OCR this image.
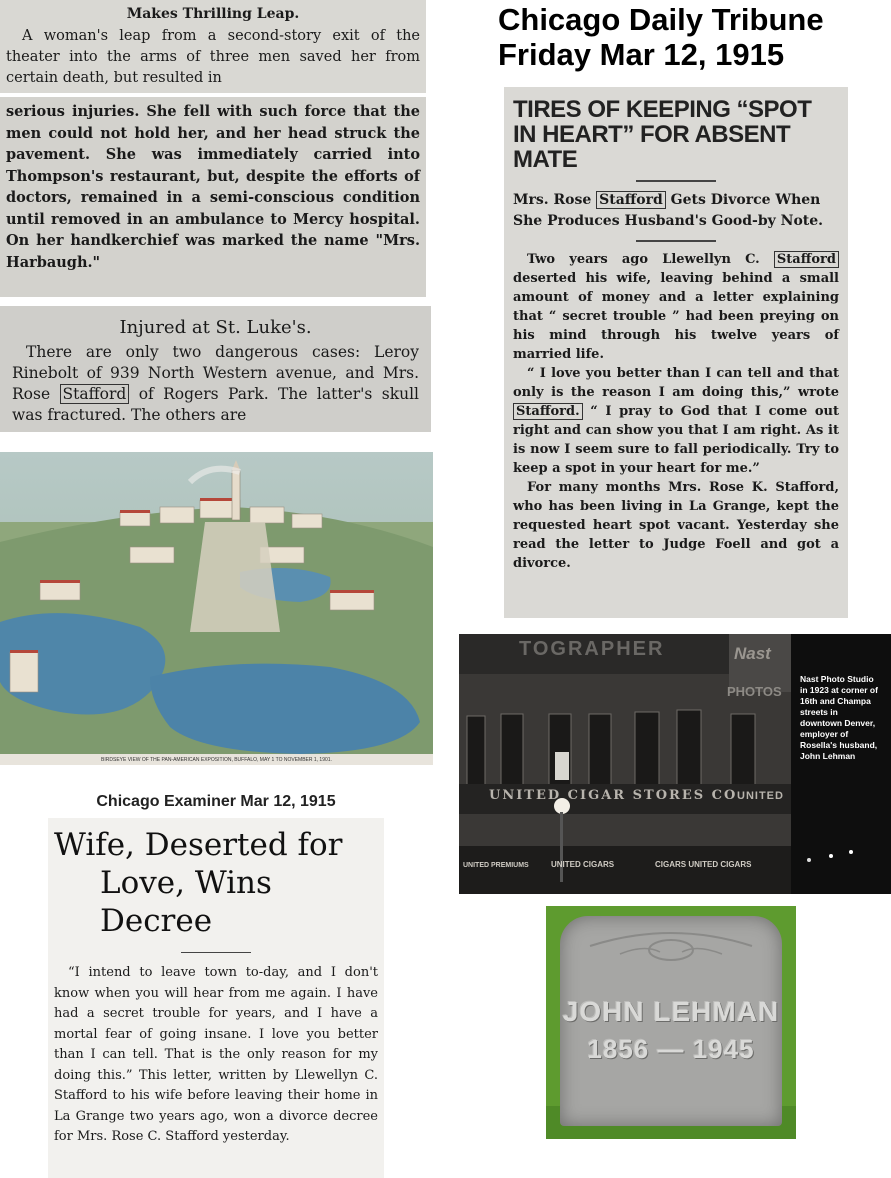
Makes Thrilling Leap.

A woman's leap from a second-story exit of the theater into the arms of three men saved her from certain death, but resulted in

serious injuries. She fell with such force that the men could not hold her, and her head struck the pavement. She was immediately carried into Thompson's restaurant, but, despite the efforts of doctors, remained in a semi-conscious condition until removed in an ambulance to Mercy hospital. On her handkerchief was marked the name "Mrs. Harbaugh."

Injured at St. Luke's.

There are only two dangerous cases: Leroy Rinebolt of 939 North Western avenue, and Mrs. Rose Stafford of Rogers Park. The latter's skull was fractured. The others are

BIRDSEYE VIEW OF THE PAN-AMERICAN EXPOSITION, BUFFALO, MAY 1 TO NOVEMBER 1, 1901.

Chicago Daily Tribune

Friday Mar 12, 1915

TIRES OF KEEPING “SPOT IN HEART” FOR ABSENT MATE
Mrs. Rose Stafford Gets Divorce When She Produces Husband's Good-by Note.

Two years ago Llewellyn C. Stafford deserted his wife, leaving behind a small amount of money and a letter explaining that “ secret trouble ” had been preying on his mind through his twelve years of married life.

“ I love you better than I can tell and that only is the reason I am doing this,” wrote Stafford. “ I pray to God that I come out right and can show you that I am right. As it is now I seem sure to fall periodically. Try to keep a spot in your heart for me.”

For many months Mrs. Rose K. Stafford, who has been living in La Grange, kept the requested heart spot vacant. Yesterday she read the letter to Judge Foell and got a divorce.

Chicago Examiner Mar 12, 1915
Wife, Deserted for
Love, Wins Decree

“I intend to leave town to-day, and I don't know when you will hear from me again. I have had a secret trouble for years, and I have a mortal fear of going insane. I love you better than I can tell. That is the only reason for my doing this.” This letter, written by Llewellyn C. Stafford to his wife before leaving their home in La Grange two years ago, won a divorce decree for Mrs. Rose C. Stafford yesterday.

TOGRAPHER	Nast
PHOTOS
UNITED CIGAR STORES CO UNITED
UNITED PREMIUMS	UNITED CIGARS	CIGARS UNITED CIGARS
Nast Photo Studio in 1923 at corner of 16th and Champa streets in downtown Denver, employer of Rosella's husband, John Lehman
JOHN LEHMAN
1856 — 1945
